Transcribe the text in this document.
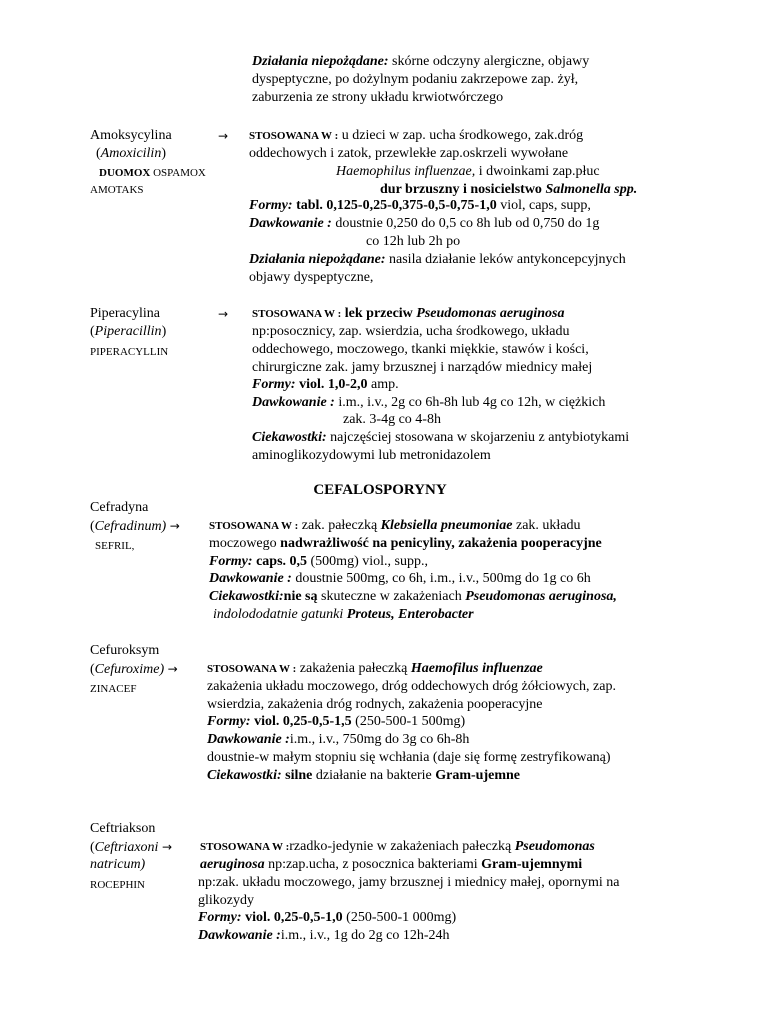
Działania niepożądane: skórne odczyny alergiczne, objawy
dyspeptyczne, po dożylnym podaniu zakrzepowe zap. żył,
zaburzenia ze strony układu krwiotwórczego
Amoksycylina	→
(Amoxicilin)
DUOMOX OSPAMOX
AMOTAKS
STOSOWANA W : u dzieci w zap. ucha środkowego, zak.dróg
oddechowych i zatok, przewlekłe zap.oskrzeli wywołane
Haemophilus influenzae, i dwoinkami zap.płuc
dur brzuszny i nosicielstwo Salmonella spp.
Formy: tabl. 0,125-0,25-0,375-0,5-0,75-1,0 viol, caps, supp,
Dawkowanie : doustnie 0,250 do 0,5 co 8h lub od 0,750 do 1g
co 12h lub 2h po
Działania niepożądane: nasila działanie leków antykoncepcyjnych
objawy dyspeptyczne,
Piperacylina	→
(Piperacillin)
PIPERACYLLIN
STOSOWANA W : lek przeciw Pseudomonas aeruginosa
np:posocznicy, zap. wsierdzia, ucha środkowego, układu
oddechowego, moczowego, tkanki miękkie, stawów i kości,
chirurgiczne zak. jamy brzusznej i narządów miednicy małej
Formy: viol. 1,0-2,0 amp.
Dawkowanie : i.m., i.v., 2g co 6h-8h lub 4g co 12h, w ciężkich
zak. 3-4g co 4-8h
Ciekawostki: najczęściej stosowana w skojarzeniu z antybiotykami
aminoglikozydowymi lub metronidazolem
CEFALOSPORYNY
Cefradyna
(Cefradinum) →
SEFRIL,
STOSOWANA W : zak. pałeczką Klebsiella pneumoniae zak. układu
moczowego nadwrażliwość na penicyliny, zakażenia pooperacyjne
Formy: caps. 0,5 (500mg) viol., supp.,
Dawkowanie : doustnie 500mg, co 6h, i.m., i.v., 500mg do 1g co 6h
Ciekawostki:nie są skuteczne w zakażeniach Pseudomonas aeruginosa,
indolododatnie gatunki Proteus, Enterobacter
Cefuroksym
(Cefuroxime) →
ZINACEF
STOSOWANA W : zakażenia pałeczką Haemofilus influenzae
zakażenia układu moczowego, dróg oddechowych dróg żółciowych, zap.
wsierdzia, zakażenia dróg rodnych, zakażenia pooperacyjne
Formy: viol. 0,25-0,5-1,5 (250-500-1 500mg)
Dawkowanie :i.m., i.v., 750mg do 3g co 6h-8h
doustnie-w małym stopniu się wchłania (daje się formę zestryfikowaną)
Ciekawostki: silne działanie na bakterie Gram-ujemne
Ceftriakson
(Ceftriaxoni →
natricum)
ROCEPHIN
STOSOWANA W :rzadko-jedynie w zakażeniach pałeczką Pseudomonas
aeruginosa np:zap.ucha, z posocznica bakteriami Gram-ujemnymi
np:zak. układu moczowego, jamy brzusznej i miednicy małej, opornymi na
glikozydy
Formy: viol. 0,25-0,5-1,0 (250-500-1 000mg)
Dawkowanie :i.m., i.v., 1g do 2g co 12h-24h
